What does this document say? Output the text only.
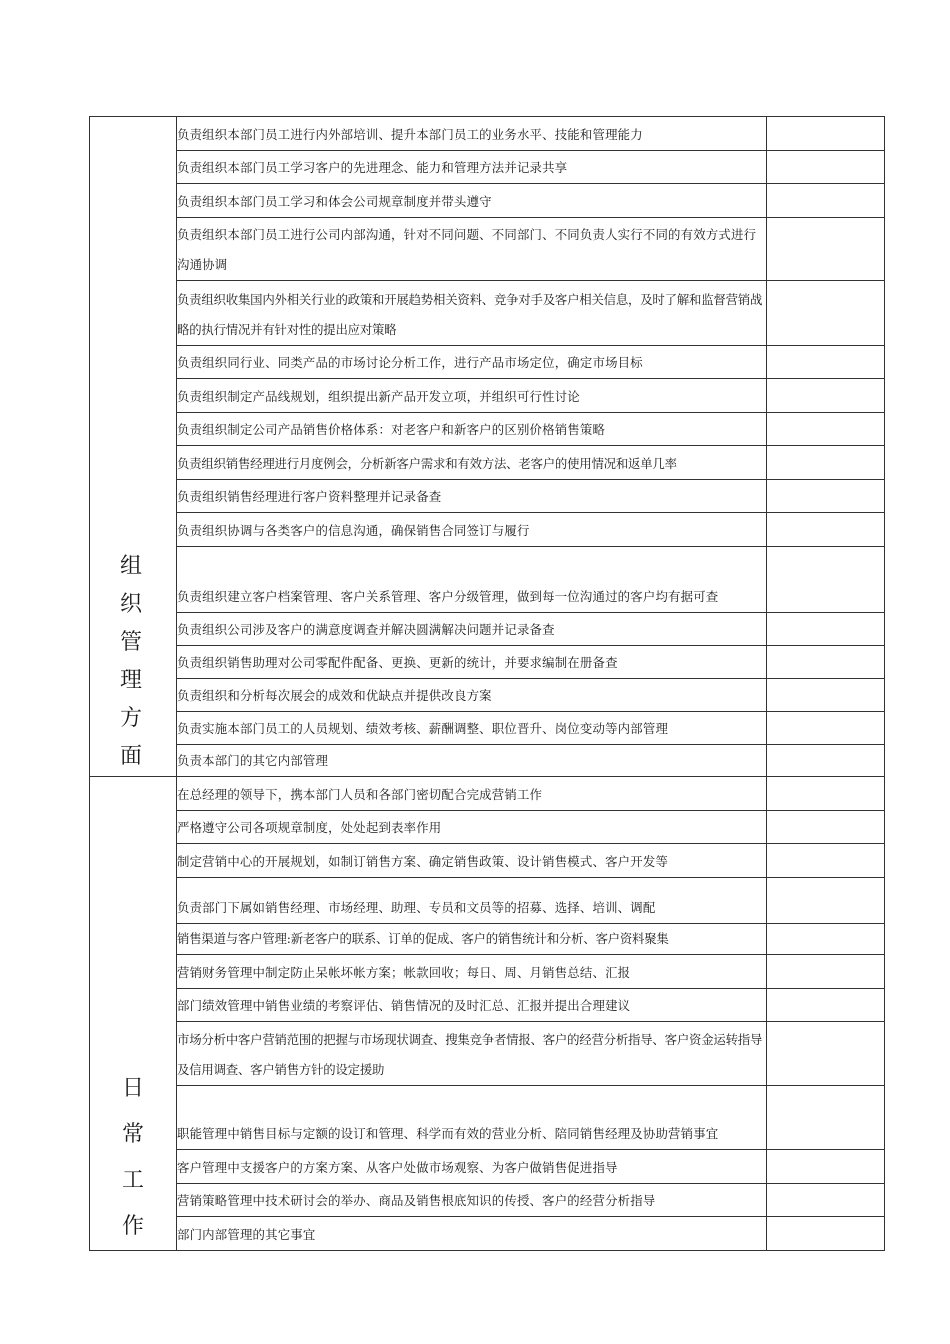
组织
管理
方面	负责组织本部门员工进行内外部培训、提升本部门员工的业务水平、技能和管理能力	
	负责组织本部门员工学习客户的先进理念、能力和管理方法并记录共享	
	负责组织本部门员工学习和体会公司规章制度并带头遵守	
	负责组织本部门员工进行公司内部沟通，针对不同问题、不同部门、不同负责人实行不同的有效方式进行沟通协调	
	负责组织收集国内外相关行业的政策和开展趋势相关资料、竞争对手及客户相关信息，及时了解和监督营销战略的执行情况并有针对性的提出应对策略	
	负责组织同行业、同类产品的市场讨论分析工作，进行产品市场定位，确定市场目标	
	负责组织制定产品线规划，组织提出新产品开发立项，并组织可行性讨论	
	负责组织制定公司产品销售价格体系：对老客户和新客户的区别价格销售策略	
	负责组织销售经理进行月度例会，分析新客户需求和有效方法、老客户的使用情况和返单几率	
	负责组织销售经理进行客户资料整理并记录备查	
	负责组织协调与各类客户的信息沟通，确保销售合同签订与履行	
	负责组织建立客户档案管理、客户关系管理、客户分级管理，做到每一位沟通过的客户均有据可查	
	负责组织公司涉及客户的满意度调查并解决圆满解决问题并记录备查	
	负责组织销售助理对公司零配件配备、更换、更新的统计，并要求编制在册备查	
	负责组织和分析每次展会的成效和优缺点并提供改良方案	
	负责实施本部门员工的人员规划、绩效考核、薪酬调整、职位晋升、岗位变动等内部管理	
	负责本部门的其它内部管理	

日
常
工
作	在总经理的领导下，携本部门人员和各部门密切配合完成营销工作	
	严格遵守公司各项规章制度，处处起到表率作用	
	制定营销中心的开展规划，如制订销售方案、确定销售政策、设计销售模式、客户开发等	
	负责部门下属如销售经理、市场经理、助理、专员和文员等的招募、选择、培训、调配	
	销售渠道与客户管理:新老客户的联系、订单的促成、客户的销售统计和分析、客户资料聚集	
	营销财务管理中制定防止呆帐坏帐方案；帐款回收；每日、周、月销售总结、汇报	
	部门绩效管理中销售业绩的考察评估、销售情况的及时汇总、汇报并提出合理建议	
	市场分析中客户营销范围的把握与市场现状调查、搜集竞争者情报、客户的经营分析指导、客户资金运转指导及信用调查、客户销售方针的设定援助	
	职能管理中销售目标与定额的设订和管理、科学而有效的营业分析、陪同销售经理及协助营销事宜	
	客户管理中支援客户的方案方案、从客户处做市场观察、为客户做销售促进指导	
	营销策略管理中技术研讨会的举办、商品及销售根底知识的传授、客户的经营分析指导	
	部门内部管理的其它事宜	
